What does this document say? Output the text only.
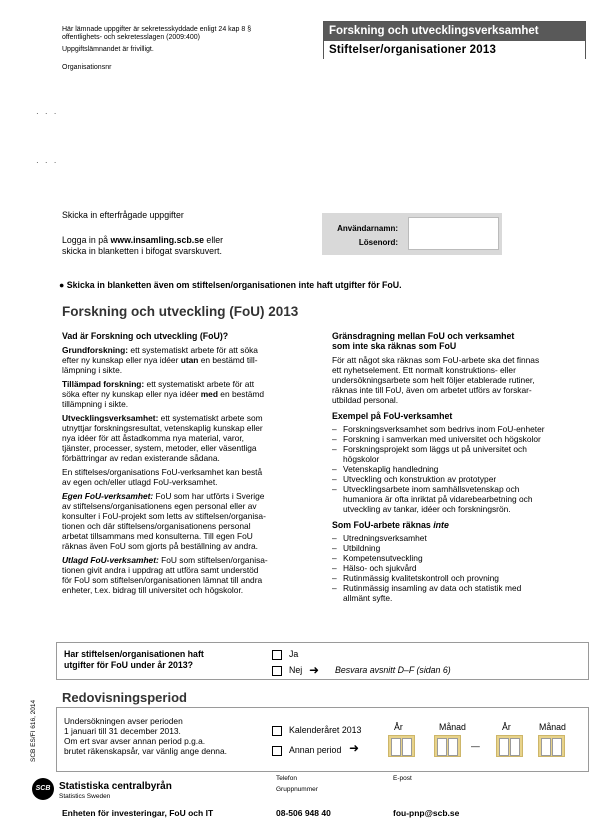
Här lämnade uppgifter är sekretesskyddade enligt 24 kap 8 §
offentlighets- och sekretesslagen (2009:400)
Uppgiftslämnandet är frivilligt.
Organisationsnr
Forskning och utvecklingsverksamhet
Stiftelser/organisationer 2013
· · ·
· · ·
Skicka in efterfrågade uppgifter
Logga in på www.insamling.scb.se eller
skicka in blanketten i bifogat svarskuvert.
Användarnamn:
Lösenord:
● Skicka in blanketten även om stiftelsen/organisationen inte haft utgifter för FoU.
Forskning och utveckling (FoU) 2013
Vad är Forskning och utveckling (FoU)?
Grundforskning: ett systematiskt arbete för att söka
efter ny kunskap eller nya idéer utan en bestämd till-
lämpning i sikte.
Tillämpad forskning: ett systematiskt arbete för att
söka efter ny kunskap eller nya idéer med en bestämd
tillämpning i sikte.
Utvecklingsverksamhet: ett systematiskt arbete som
utnyttjar forskningsresultat, vetenskaplig kunskap eller
nya idéer för att åstadkomma nya material, varor,
tjänster, processer, system, metoder, eller väsentliga
förbättringar av redan existerande sådana.
En stiftelses/organisations FoU-verksamhet kan bestå
av egen och/eller utlagd FoU-verksamhet.
Egen FoU-verksamhet: FoU som har utförts i Sverige
av stiftelsens/organisationens egen personal eller av
konsulter i FoU-projekt som letts av stiftelsen/organisa-
tionen och där stiftelsens/organisationens personal
arbetat tillsammans med konsulterna. Till egen FoU
räknas även FoU som gjorts på beställning av andra.
Utlagd FoU-verksamhet: FoU som stiftelsen/organisa-
tionen givit andra i uppdrag att utföra samt understöd
för FoU som stiftelsen/organisationen lämnat till andra
enheter, t.ex. bidrag till universitet och högskolor.
Gränsdragning mellan FoU och verksamhet
som inte ska räknas som FoU
För att något ska räknas som FoU-arbete ska det finnas
ett nyhetselement. Ett normalt konstruktions- eller
undersökningsarbete som helt följer etablerade rutiner,
räknas inte till FoU, även om arbetet utförs av forskar-
utbildad personal.
Exempel på FoU-verksamhet
– Forskningsverksamhet som bedrivs inom FoU-enheter
– Forskning i samverkan med universitet och högskolor
– Forskningsprojekt som läggs ut på universitet och
högskolor
– Vetenskaplig handledning
– Utveckling och konstruktion av prototyper
– Utvecklingsarbete inom samhällsvetenskap och
humaniora är ofta inriktat på vidarebearbetning och
utveckling av tankar, idéer och forskningsrön.
Som FoU-arbete räknas inte
– Utredningsverksamhet
– Utbildning
– Kompetensutveckling
– Hälso- och sjukvård
– Rutinmässig kvalitetskontroll och provning
– Rutinmässig insamling av data och statistik med
allmänt syfte.
Har stiftelsen/organisationen haft
utgifter för FoU under år 2013?
Ja
Nej ➜ Besvara avsnitt D–F (sidan 6)
SCB ES/FI 616, 2014
Redovisningsperiod
Undersökningen avser perioden
1 januari till 31 december 2013.
Om ert svar avser annan period p.g.a.
brutet räkenskapsår, var vänlig ange denna.
Kalenderåret 2013
Annan period ➜
År	Månad	År	Månad
—
SCB Statistiska centralbyrån
Statistics Sweden
Enheten för investeringar, FoU och IT
Telefon
Gruppnummer
08-506 948 40
E-post
fou-pnp@scb.se
